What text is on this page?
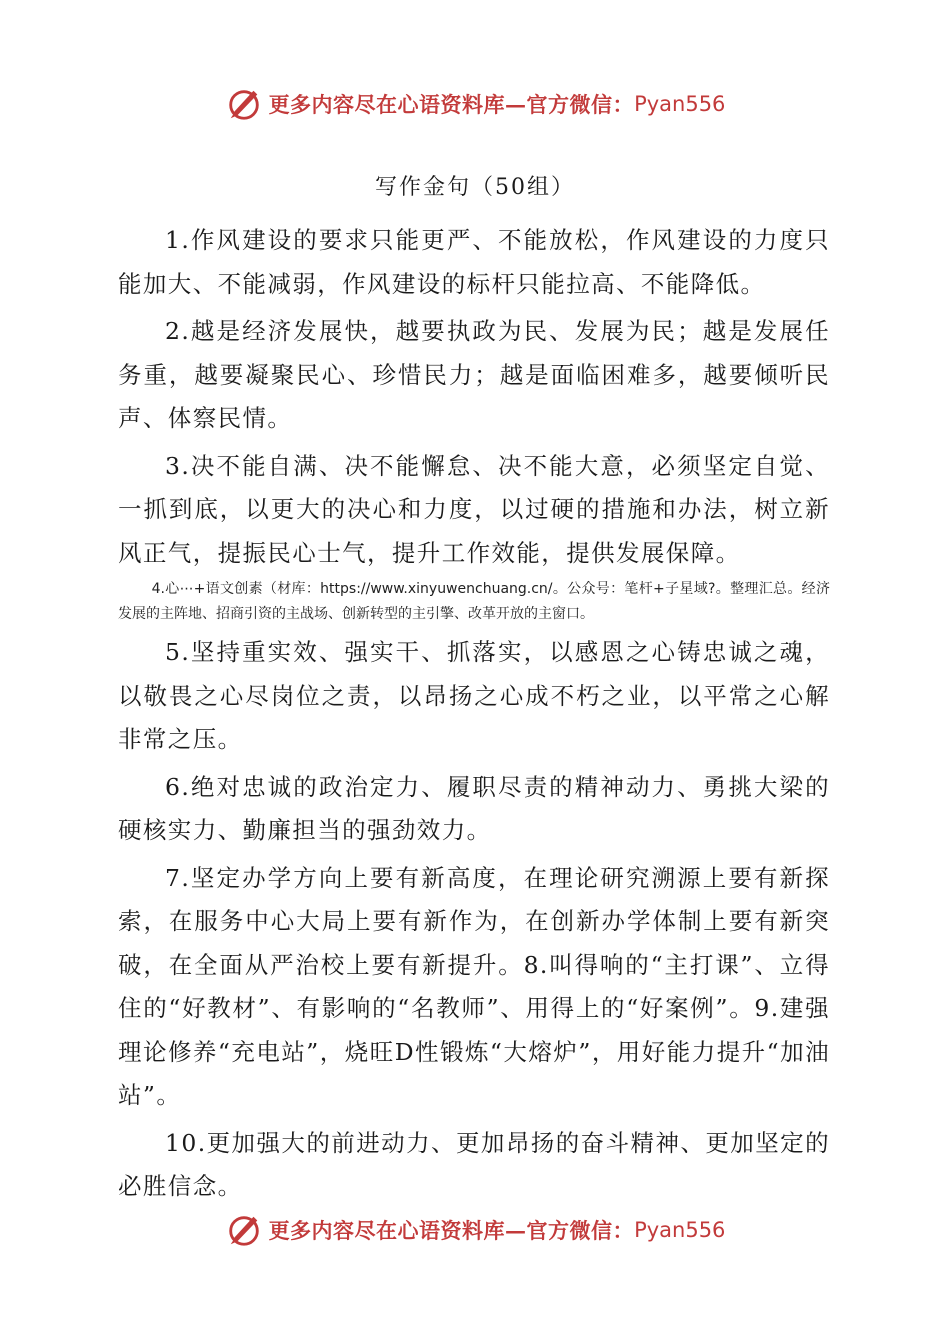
更多内容尽在心语资料库—官方微信： Pyan556
写作金句（50组）

1.作风建设的要求只能更严、不能放松，作风建设的力度只能加大、不能减弱，作风建设的标杆只能拉高、不能降低。

2.越是经济发展快，越要执政为民、发展为民；越是发展任务重，越要凝聚民心、珍惜民力；越是面临困难多，越要倾听民声、体察民情。

3.决不能自满、决不能懈怠、决不能大意，必须坚定自觉、一抓到底，以更大的决心和力度，以过硬的措施和办法，树立新风正气，提振民心士气，提升工作效能，提供发展保障。

4.心⋯+语文创素（材库：https://www.xinyuwenchuang.cn/。公众号：笔杆+子星域?。整理汇总。经济发展的主阵地、招商引资的主战场、创新转型的主引擎、改革开放的主窗口。

5.坚持重实效、强实干、抓落实，以感恩之心铸忠诚之魂，以敬畏之心尽岗位之责，以昂扬之心成不朽之业，以平常之心解非常之压。

6.绝对忠诚的政治定力、履职尽责的精神动力、勇挑大梁的硬核实力、勤廉担当的强劲效力。

7.坚定办学方向上要有新高度，在理论研究溯源上要有新探索，在服务中心大局上要有新作为，在创新办学体制上要有新突破，在全面从严治校上要有新提升。8.叫得响的“主打课”、立得住的“好教材”、有影响的“名教师”、用得上的“好案例”。9.建强理论修养“充电站”，烧旺D性锻炼“大熔炉”，用好能力提升“加油站”。

10.更加强大的前进动力、更加昂扬的奋斗精神、更加坚定的必胜信念。

更多内容尽在心语资料库—官方微信： Pyan556
